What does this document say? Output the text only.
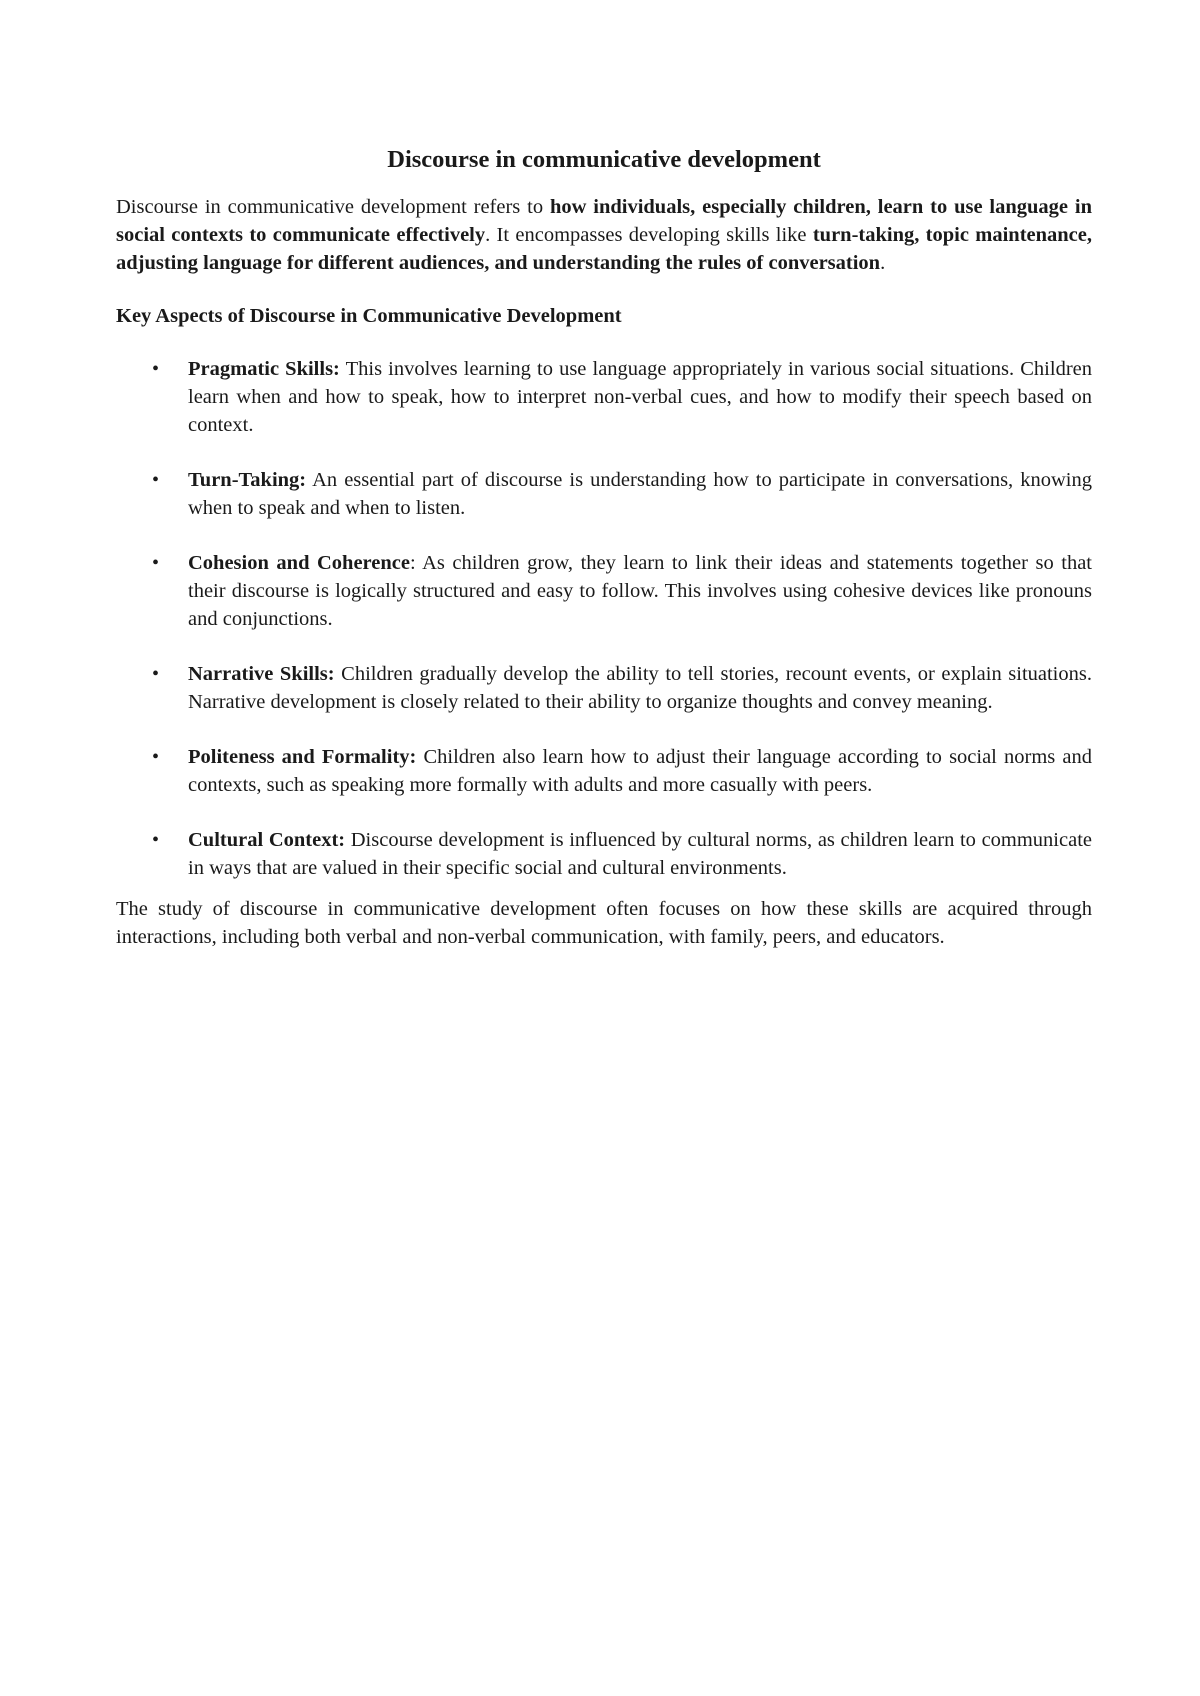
Discourse in communicative development

Discourse in communicative development refers to how individuals, especially children, learn to use language in social contexts to communicate effectively. It encompasses developing skills like turn-taking, topic maintenance, adjusting language for different audiences, and understanding the rules of conversation.

Key Aspects of Discourse in Communicative Development
•	Pragmatic Skills: This involves learning to use language appropriately in various social situations. Children learn when and how to speak, how to interpret non-verbal cues, and how to modify their speech based on context.
•	Turn-Taking: An essential part of discourse is understanding how to participate in conversations, knowing when to speak and when to listen.
•	Cohesion and Coherence: As children grow, they learn to link their ideas and statements together so that their discourse is logically structured and easy to follow. This involves using cohesive devices like pronouns and conjunctions.
•	Narrative Skills: Children gradually develop the ability to tell stories, recount events, or explain situations. Narrative development is closely related to their ability to organize thoughts and convey meaning.
•	Politeness and Formality: Children also learn how to adjust their language according to social norms and contexts, such as speaking more formally with adults and more casually with peers.
•	Cultural Context: Discourse development is influenced by cultural norms, as children learn to communicate in ways that are valued in their specific social and cultural environments.

The study of discourse in communicative development often focuses on how these skills are acquired through interactions, including both verbal and non-verbal communication, with family, peers, and educators.
